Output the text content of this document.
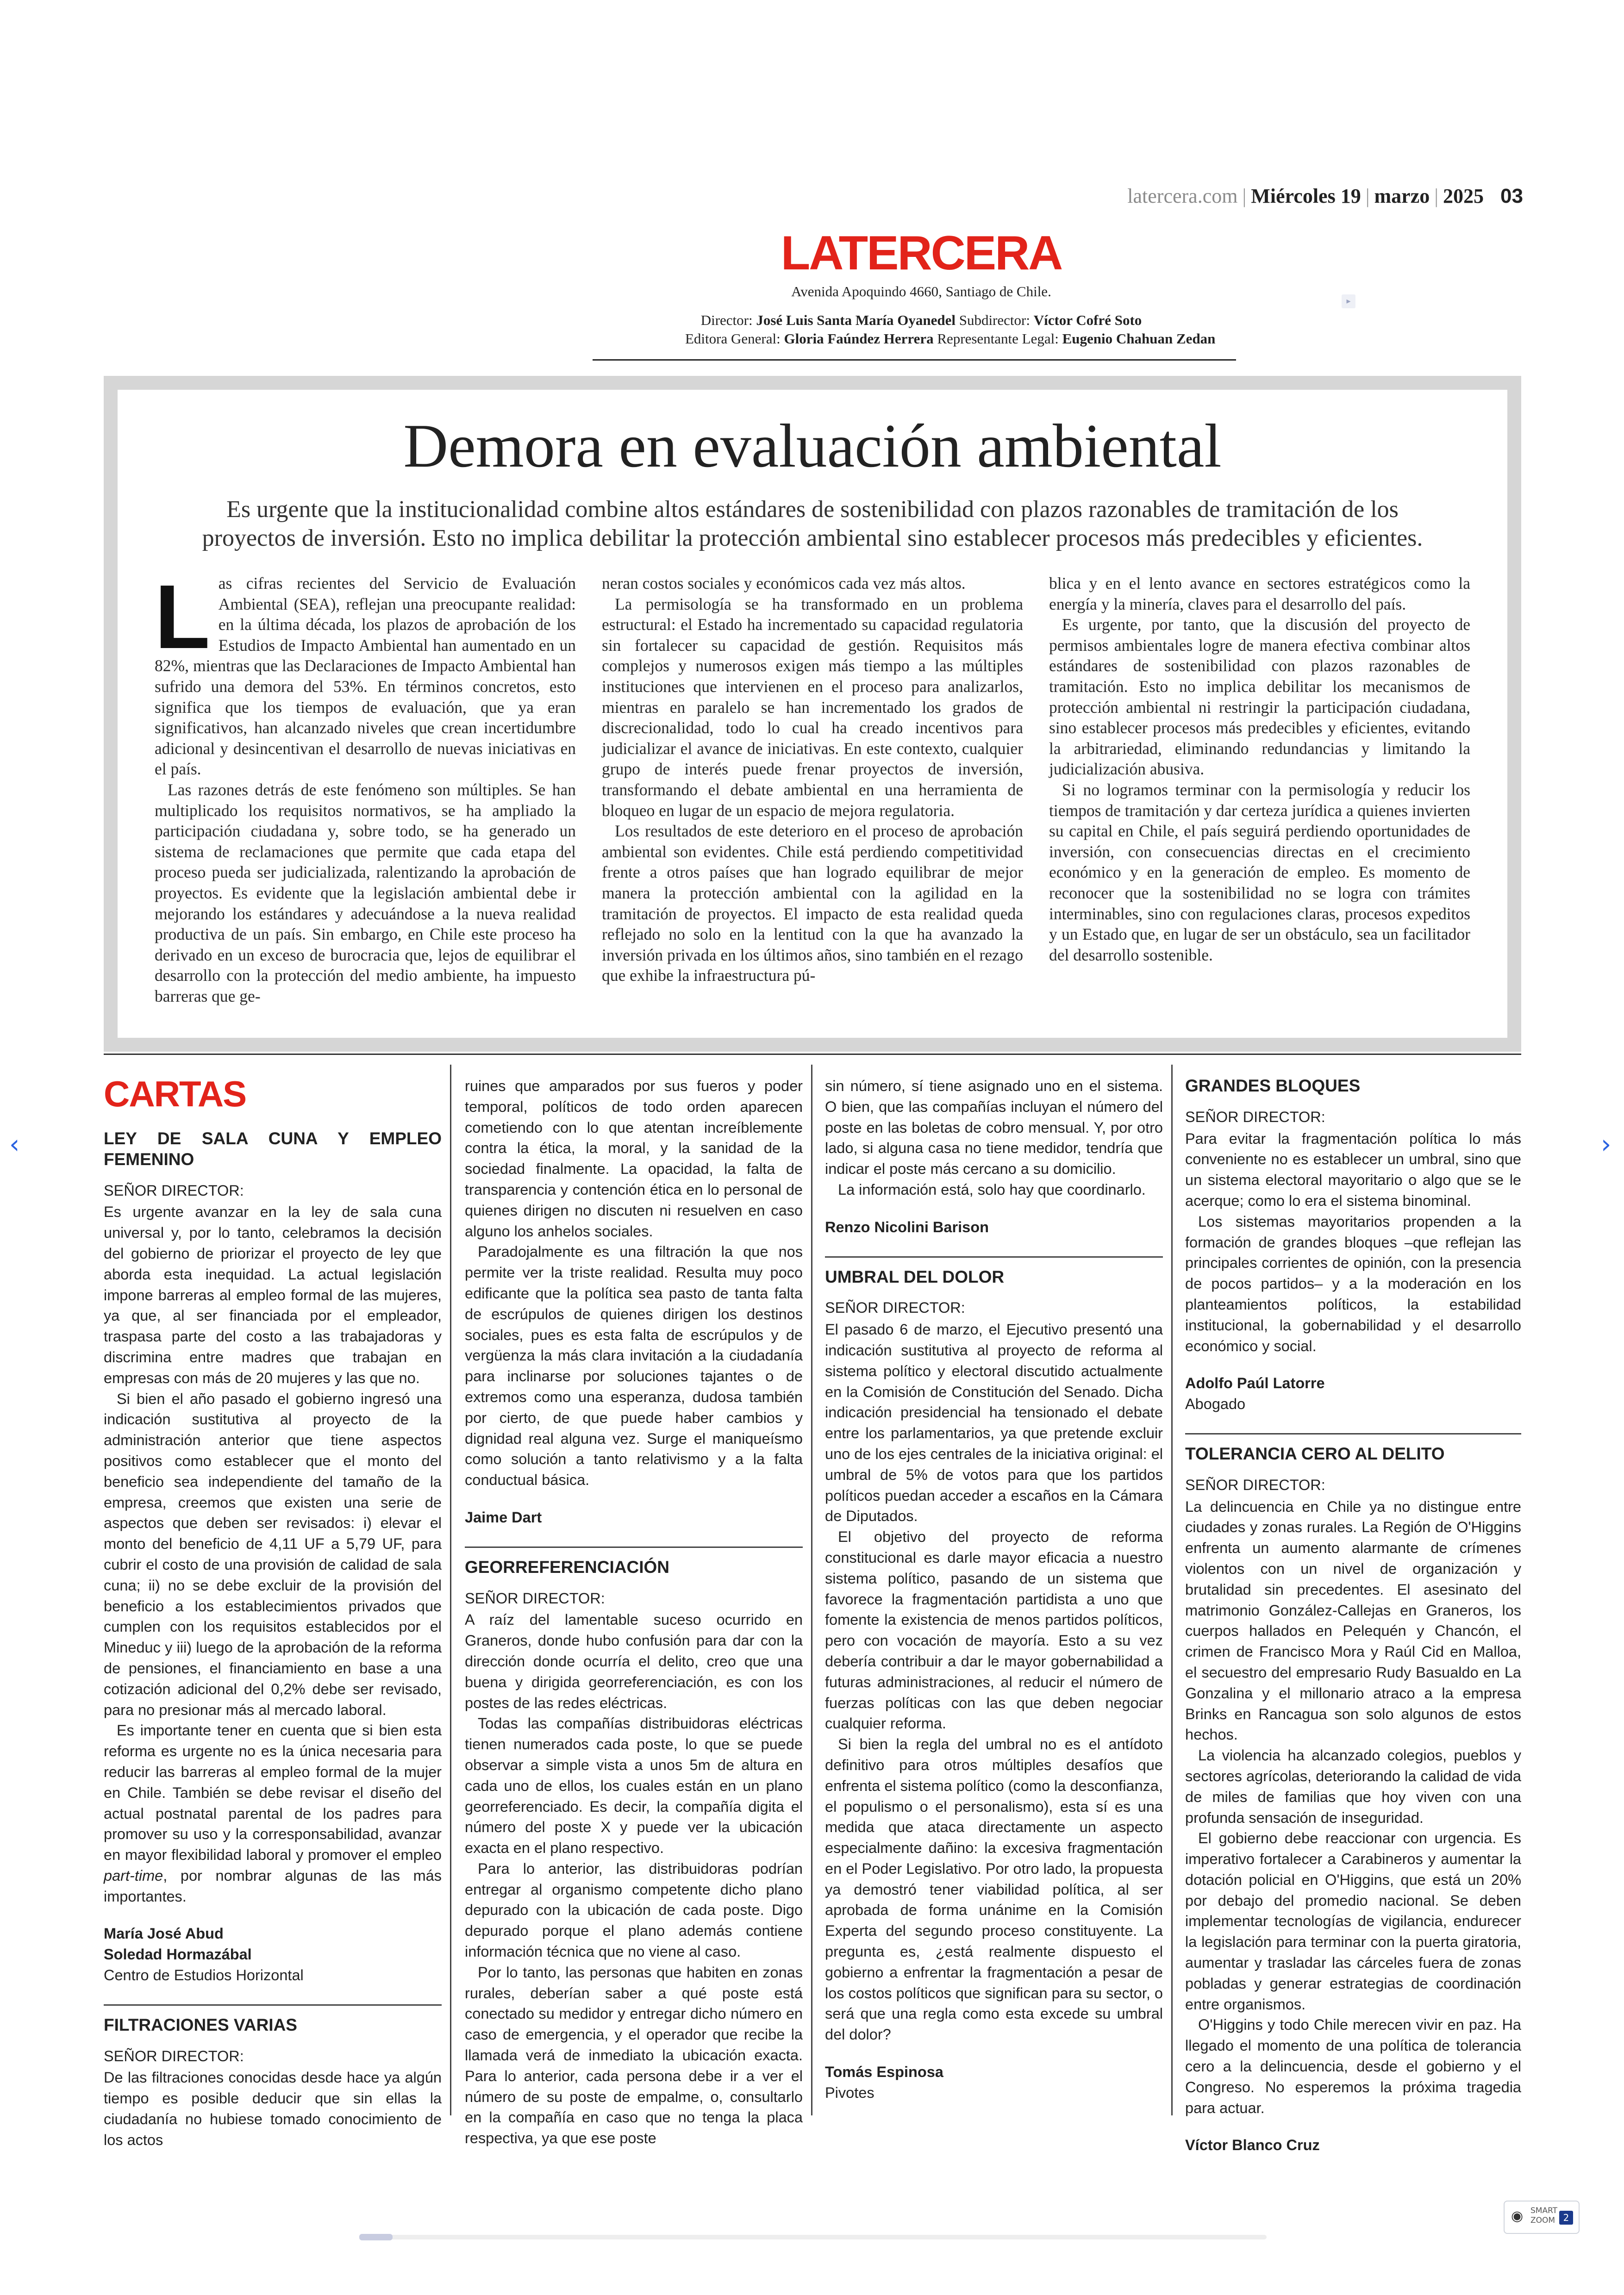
latercera.com | Miércoles 19 | marzo | 2025 03
LATERCERA
Avenida Apoquindo 4660, Santiago de Chile.
Director: José Luis Santa María Oyanedel Subdirector: Víctor Cofré Soto
Editora General: Gloria Faúndez Herrera Representante Legal: Eugenio Chahuan Zedan
▸
Demora en evaluación ambiental
Es urgente que la institucionalidad combine altos estándares de sostenibilidad con plazos razonables de tramitación de los proyectos de inversión. Esto no implica debilitar la protección ambiental sino establecer procesos más predecibles y eficientes.

Las cifras recientes del Servicio de Evaluación Ambiental (SEA), reflejan una preocupante realidad: en la última década, los plazos de aprobación de los Estudios de Impacto Ambiental han aumentado en un 82%, mientras que las Declaraciones de Impacto Ambiental han sufrido una demora del 53%. En términos concretos, esto significa que los tiempos de evaluación, que ya eran significativos, han alcanzado niveles que crean incertidumbre adicional y desincentivan el desarrollo de nuevas iniciativas en el país.

Las razones detrás de este fenómeno son múltiples. Se han multiplicado los requisitos normativos, se ha ampliado la participación ciudadana y, sobre todo, se ha generado un sistema de reclamaciones que permite que cada etapa del proceso pueda ser judicializada, ralentizando la aprobación de proyectos. Es evidente que la legislación ambiental debe ir mejorando los estándares y adecuándose a la nueva realidad productiva de un país. Sin embargo, en Chile este proceso ha derivado en un exceso de burocracia que, lejos de equilibrar el desarrollo con la protección del medio ambiente, ha impuesto barreras que ge-

neran costos sociales y económicos cada vez más altos.

La permisología se ha transformado en un problema estructural: el Estado ha incrementado su capacidad regulatoria sin fortalecer su capacidad de gestión. Requisitos más complejos y numerosos exigen más tiempo a las múltiples instituciones que intervienen en el proceso para analizarlos, mientras en paralelo se han incrementado los grados de discrecionalidad, todo lo cual ha creado incentivos para judicializar el avance de iniciativas. En este contexto, cualquier grupo de interés puede frenar proyectos de inversión, transformando el debate ambiental en una herramienta de bloqueo en lugar de un espacio de mejora regulatoria.

Los resultados de este deterioro en el proceso de aprobación ambiental son evidentes. Chile está perdiendo competitividad frente a otros países que han logrado equilibrar de mejor manera la protección ambiental con la agilidad en la tramitación de proyectos. El impacto de esta realidad queda reflejado no solo en la lentitud con la que ha avanzado la inversión privada en los últimos años, sino también en el rezago que exhibe la infraestructura pú-

blica y en el lento avance en sectores estratégicos como la energía y la minería, claves para el desarrollo del país.

Es urgente, por tanto, que la discusión del proyecto de permisos ambientales logre de manera efectiva combinar altos estándares de sostenibilidad con plazos razonables de tramitación. Esto no implica debilitar los mecanismos de protección ambiental ni restringir la participación ciudadana, sino establecer procesos más predecibles y eficientes, evitando la arbitrariedad, eliminando redundancias y limitando la judicialización abusiva.

Si no logramos terminar con la permisología y reducir los tiempos de tramitación y dar certeza jurídica a quienes invierten su capital en Chile, el país seguirá perdiendo oportunidades de inversión, con consecuencias directas en el crecimiento económico y en la generación de empleo. Es momento de reconocer que la sostenibilidad no se logra con trámites interminables, sino con regulaciones claras, procesos expeditos y un Estado que, en lugar de ser un obstáculo, sea un facilitador del desarrollo sostenible.

CARTAS

LEY DE SALA CUNA Y EMPLEO FEMENINO

SEÑOR DIRECTOR:

Es urgente avanzar en la ley de sala cuna universal y, por lo tanto, celebramos la decisión del gobierno de priorizar el proyecto de ley que aborda esta inequidad. La actual legislación impone barreras al empleo formal de las mujeres, ya que, al ser financiada por el empleador, traspasa parte del costo a las trabajadoras y discrimina entre madres que trabajan en empresas con más de 20 mujeres y las que no.

Si bien el año pasado el gobierno ingresó una indicación sustitutiva al proyecto de la administración anterior que tiene aspectos positivos como establecer que el monto del beneficio sea independiente del tamaño de la empresa, creemos que existen una serie de aspectos que deben ser revisados: i) elevar el monto del beneficio de 4,11 UF a 5,79 UF, para cubrir el costo de una provisión de calidad de sala cuna; ii) no se debe excluir de la provisión del beneficio a los establecimientos privados que cumplen con los requisitos establecidos por el Mineduc y iii) luego de la aprobación de la reforma de pensiones, el financiamiento en base a una cotización adicional del 0,2% debe ser revisado, para no presionar más al mercado laboral.

Es importante tener en cuenta que si bien esta reforma es urgente no es la única necesaria para reducir las barreras al empleo formal de la mujer en Chile. También se debe revisar el diseño del actual postnatal parental de los padres para promover su uso y la corresponsabilidad, avanzar en mayor flexibilidad laboral y promover el empleo part-time, por nombrar algunas de las más importantes.

María José Abud

Soledad Hormazábal

Centro de Estudios Horizontal

FILTRACIONES VARIAS

SEÑOR DIRECTOR:

De las filtraciones conocidas desde hace ya algún tiempo es posible deducir que sin ellas la ciudadanía no hubiese tomado conocimiento de los actos

ruines que amparados por sus fueros y poder temporal, políticos de todo orden aparecen cometiendo con lo que atentan increíblemente contra la ética, la moral, y la sanidad de la sociedad finalmente. La opacidad, la falta de transparencia y contención ética en lo personal de quienes dirigen no discuten ni resuelven en caso alguno los anhelos sociales.

Paradojalmente es una filtración la que nos permite ver la triste realidad. Resulta muy poco edificante que la política sea pasto de tanta falta de escrúpulos de quienes dirigen los destinos sociales, pues es esta falta de escrúpulos y de vergüenza la más clara invitación a la ciudadanía para inclinarse por soluciones tajantes o de extremos como una esperanza, dudosa también por cierto, de que puede haber cambios y dignidad real alguna vez. Surge el maniqueísmo como solución a tanto relativismo y a la falta conductual básica.

Jaime Dart

GEORREFERENCIACIÓN

SEÑOR DIRECTOR:

A raíz del lamentable suceso ocurrido en Graneros, donde hubo confusión para dar con la dirección donde ocurría el delito, creo que una buena y dirigida georreferenciación, es con los postes de las redes eléctricas.

Todas las compañías distribuidoras eléctricas tienen numerados cada poste, lo que se puede observar a simple vista a unos 5m de altura en cada uno de ellos, los cuales están en un plano georreferenciado. Es decir, la compañía digita el número del poste X y puede ver la ubicación exacta en el plano respectivo.

Para lo anterior, las distribuidoras podrían entregar al organismo competente dicho plano depurado con la ubicación de cada poste. Digo depurado porque el plano además contiene información técnica que no viene al caso.

Por lo tanto, las personas que habiten en zonas rurales, deberían saber a qué poste está conectado su medidor y entregar dicho número en caso de emergencia, y el operador que recibe la llamada verá de inmediato la ubicación exacta. Para lo anterior, cada persona debe ir a ver el número de su poste de empalme, o, consultarlo en la compañía en caso que no tenga la placa respectiva, ya que ese poste

sin número, sí tiene asignado uno en el sistema. O bien, que las compañías incluyan el número del poste en las boletas de cobro mensual. Y, por otro lado, si alguna casa no tiene medidor, tendría que indicar el poste más cercano a su domicilio.

La información está, solo hay que coordinarlo.

Renzo Nicolini Barison

UMBRAL DEL DOLOR

SEÑOR DIRECTOR:

El pasado 6 de marzo, el Ejecutivo presentó una indicación sustitutiva al proyecto de reforma al sistema político y electoral discutido actualmente en la Comisión de Constitución del Senado. Dicha indicación presidencial ha tensionado el debate entre los parlamentarios, ya que pretende excluir uno de los ejes centrales de la iniciativa original: el umbral de 5% de votos para que los partidos políticos puedan acceder a escaños en la Cámara de Diputados.

El objetivo del proyecto de reforma constitucional es darle mayor eficacia a nuestro sistema político, pasando de un sistema que favorece la fragmentación partidista a uno que fomente la existencia de menos partidos políticos, pero con vocación de mayoría. Esto a su vez debería contribuir a dar le mayor gobernabilidad a futuras administraciones, al reducir el número de fuerzas políticas con las que deben negociar cualquier reforma.

Si bien la regla del umbral no es el antídoto definitivo para otros múltiples desafíos que enfrenta el sistema político (como la desconfianza, el populismo o el personalismo), esta sí es una medida que ataca directamente un aspecto especialmente dañino: la excesiva fragmentación en el Poder Legislativo. Por otro lado, la propuesta ya demostró tener viabilidad política, al ser aprobada de forma unánime en la Comisión Experta del segundo proceso constituyente. La pregunta es, ¿está realmente dispuesto el gobierno a enfrentar la fragmentación a pesar de los costos políticos que significan para su sector, o será que una regla como esta excede su umbral del dolor?

Tomás Espinosa

Pivotes

GRANDES BLOQUES

SEÑOR DIRECTOR:

Para evitar la fragmentación política lo más conveniente no es establecer un umbral, sino que un sistema electoral mayoritario o algo que se le acerque; como lo era el sistema binominal.

Los sistemas mayoritarios propenden a la formación de grandes bloques –que reflejan las principales corrientes de opinión, con la presencia de pocos partidos– y a la moderación en los planteamientos políticos, la estabilidad institucional, la gobernabilidad y el desarrollo económico y social.

Adolfo Paúl Latorre

Abogado

TOLERANCIA CERO AL DELITO

SEÑOR DIRECTOR:

La delincuencia en Chile ya no distingue entre ciudades y zonas rurales. La Región de O'Higgins enfrenta un aumento alarmante de crímenes violentos con un nivel de organización y brutalidad sin precedentes. El asesinato del matrimonio González-Callejas en Graneros, los cuerpos hallados en Pelequén y Chancón, el crimen de Francisco Mora y Raúl Cid en Malloa, el secuestro del empresario Rudy Basualdo en La Gonzalina y el millonario atraco a la empresa Brinks en Rancagua son solo algunos de estos hechos.

La violencia ha alcanzado colegios, pueblos y sectores agrícolas, deteriorando la calidad de vida de miles de familias que hoy viven con una profunda sensación de inseguridad.

El gobierno debe reaccionar con urgencia. Es imperativo fortalecer a Carabineros y aumentar la dotación policial en O'Higgins, que está un 20% por debajo del promedio nacional. Se deben implementar tecnologías de vigilancia, endurecer la legislación para terminar con la puerta giratoria, aumentar y trasladar las cárceles fuera de zonas pobladas y generar estrategias de coordinación entre organismos.

O'Higgins y todo Chile merecen vivir en paz. Ha llegado el momento de una política de tolerancia cero a la delincuencia, desde el gobierno y el Congreso. No esperemos la próxima tragedia para actuar.

Víctor Blanco Cruz

‹	›
◉ SMART
ZOOM 2
